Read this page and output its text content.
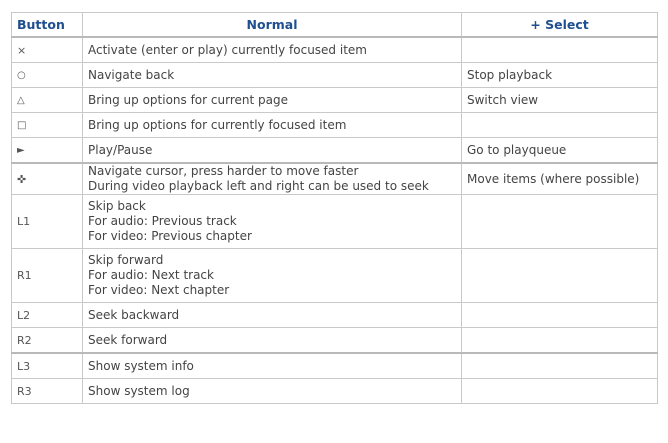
Button	Normal	+ Select
×	Activate (enter or play) currently focused item	

○	Navigate back	Stop playback
△	Bring up options for current page	Switch view
□	Bring up options for currently focused item	

►	Play/Pause	Go to playqueue
✜	Navigate cursor, press harder to move faster
During video playback left and right can be used to seek	Move items (where possible)
L1	Skip back
For audio: Previous track
For video: Previous chapter	

R1	Skip forward
For audio: Next track
For video: Next chapter	

L2	Seek backward	

R2	Seek forward	

L3	Show system info	

R3	Show system log	
